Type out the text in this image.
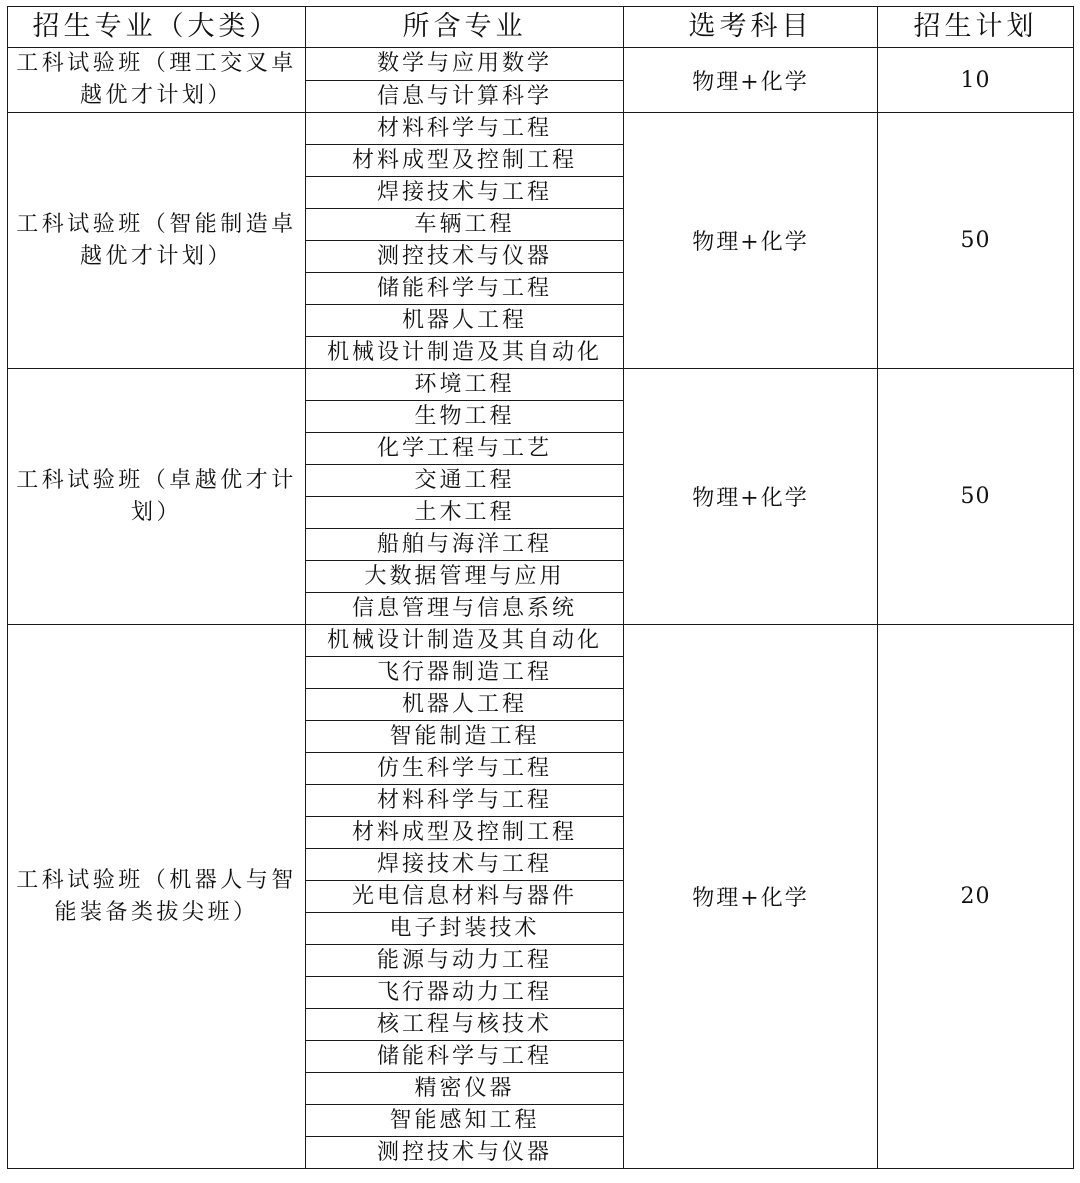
招生专业（大类）	所含专业	选考科目	招生计划
工科试验班（理工交叉卓越优才计划）	数学与应用数学	物理+化学	10
	信息与计算科学		
工科试验班（智能制造卓越优才计划）	材料科学与工程	物理+化学	50
	材料成型及控制工程		
	焊接技术与工程		
	车辆工程		
	测控技术与仪器		
	储能科学与工程		
	机器人工程		
	机械设计制造及其自动化		
工科试验班（卓越优才计划）	环境工程	物理+化学	50
	生物工程		
	化学工程与工艺		
	交通工程		
	土木工程		
	船舶与海洋工程		
	大数据管理与应用		
	信息管理与信息系统		
工科试验班（机器人与智能装备类拔尖班）	机械设计制造及其自动化	物理+化学	20
	飞行器制造工程		
	机器人工程		
	智能制造工程		
	仿生科学与工程		
	材料科学与工程		
	材料成型及控制工程		
	焊接技术与工程		
	光电信息材料与器件		
	电子封装技术		
	能源与动力工程		
	飞行器动力工程		
	核工程与核技术		
	储能科学与工程		
	精密仪器		
	智能感知工程		
	测控技术与仪器		
